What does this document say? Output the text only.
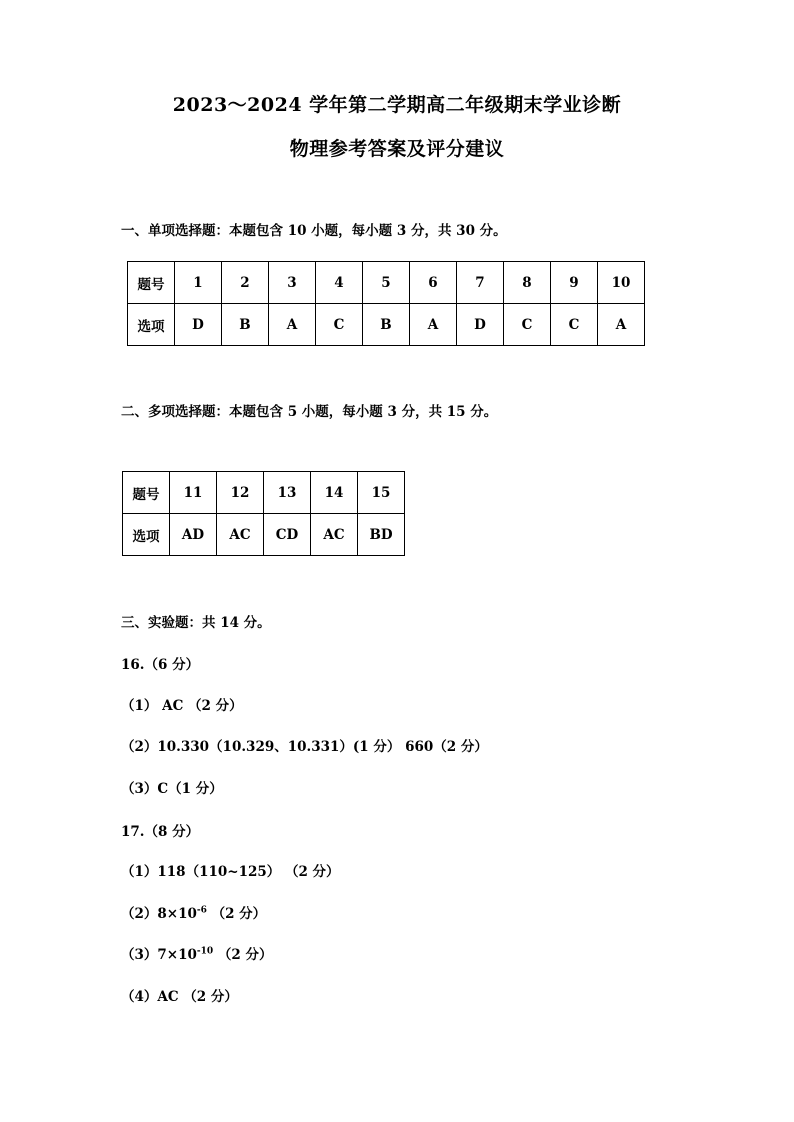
2023～2024 学年第二学期高二年级期末学业诊断
物理参考答案及评分建议
一、单项选择题：本题包含 10 小题，每小题 3 分，共 30 分。
题号	1	2	3	4	5	6	7	8	9	10
选项	D	B	A	C	B	A	D	C	C	A
二、多项选择题：本题包含 5 小题，每小题 3 分，共 15 分。
题号	11	12	13	14	15
选项	AD	AC	CD	AC	BD
三、实验题：共 14 分。
16.（6 分）
（1） AC （2 分）
（2）10.330（10.329、10.331）(1 分） 660（2 分）
（3）C（1 分）
17.（8 分）
（1）118（110~125） （2 分）
$(2)8\times 10^{-6}$ （2 分）
$(3)7\times 10^{-10}$ （2 分）
（4）AC （2 分）
